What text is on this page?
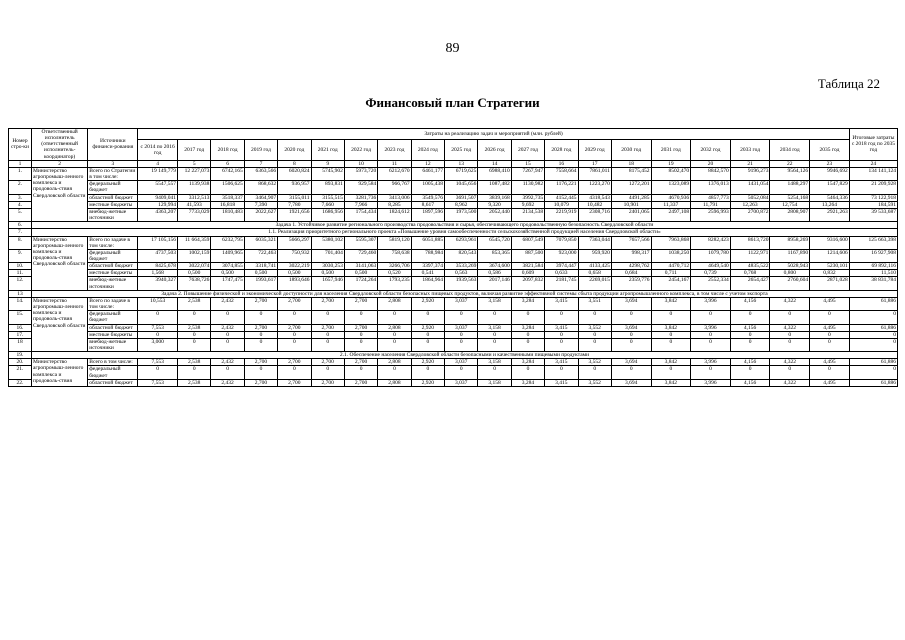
89
Таблица 22
Финансовый план Стратегии
Номер стро-ки	Ответственный исполнитель (ответственный исполнитель-координатор)	Источники финанси-рования	Затраты на реализацию задач и мероприятий (млн. рублей)																				Итоговые затраты с 2018 год по 2035 год
			с 2014 по 2016 год	2017 год	2018 год	2019 год	2020 год	2021 год	2022 год	2023 год	2024 год	2025 год	2026 год	2027 год	2028 год	2029 год	2030 год	2031 год	2032 год	2033 год	2034 год	2035 год	
1	2	3	4	5	6	7	8	9	10	11	12	13	14	15	16	17	18	19	20	21	22	23	24
1.	Министерство агропромыш-ленного комплекса и продоволь-ствия Свердловской области	Всего по Стратегии в том числе:	19 149,779	12 227,073	6742,165	6363,566	6020,824	5745,902	5973,720	6212,670	6461,177	6719,625	6988,410	7267,947	7558,664	7861,011	8175,452	8502,470	8842,570	9196,273	9564,126	9946,692	134 141,124
2.		федеральный бюджет	5547,557	1139,938	1506,625	868,632	936,957	893,831	929,584	966,767	1005,438	1045,656	1087,482	1130,982	1176,221	1223,270	1272,201	1323,089	1376,013	1431,054	1488,297	1547,829	21 209,928
3.		областной бюджет	9409,041	3312,513	3518,337	3464,907	3155,011	3155,515	3281,736	3413,006	3549,576	3691,507	3839,168	3992,735	4152,445	4318,543	4491,285	4670,936	4857,773	5052,084	5254,168	5464,336	73 122,918
4.		местные бюджеты	129,994	41,593	16,818	7,390	7,780	7,660	7,966	8,285	8,617	8,962	9,320	9,692	10,079	10,482	10,901	11,337	11,791	12,263	12,754	13,264	184,591
5.		внебюд-жетные источники	4363,207	7733,029	1810,483	2022,627	1921,656	1686,956	1754,434	1824,612	1897,596	1973,500	2052,440	2134,538	2219,919	2308,716	2401,065	2497,108	2596,993	2700,872	2808,907	2921,263	39 533,687
6.	Задача 1. Устойчивое развитие регионального производства продовольствия и сырья, обеспечивающего продовольственную безопасность Свердловской области																						
7.	1.1. Реализация приоритетного регионального проекта «Повышение уровня самообеспеченности сельскохозяйственной продукцией населения Свердловской области»																						
8.	Министерство агропромыш-ленного комплекса и продоволь-ствия Свердловской области	Всего по задаче в том числе:	17 105,156	11 664,359	6232,795	6035,321	5666,297	5380,102	5595,307	5819,120	6051,885	6293,961	6545,720	6807,549	7079,850	7363,044	7657,566	7963,868	8282,423	8613,720	8958,269	9316,600	125 663,398
9.		федеральный бюджет	4737,503	1002,159	1409,965	722,463	750,932	701,404	729,460	758,638	788,984	820,543	853,365	887,500	923,000	959,920	998,317	1038,250	1079,780	1122,971	1167,890	1214,606	16 927,908
10.		областной бюджет	8425,678	3022,074	3074,855	3318,741	3022,219	3030,253	3141,063	3266,706	3397,374	3533,269	3674,600	3821,584	3974,447	4133,425	4298,762	4470,712	4649,540	4835,522	5028,943	5230,101	69 892,116
11.		местные бюджеты	1,568	0,500	0,500	0,500	0,500	0,500	0,500	0,520	0,541	0,563	0,586	0,609	0,633	0,658	0,684	0,711	0,739	0,768	0,800	0,832	11,510
12.		внебюд-жетные источники	3940,327	7638,726	1747,475	1993,617	1893,646	1657,946	1724,264	1793,235	1864,964	1939,563	2017,146	2097,832	2181,745	2269,015	2359,776	2454,167	2552,334	2654,427	2760,604	2871,028	38 831,784
13	Задача 2. Повышение физической и экономической доступности для населения Свердловской области безопасных пищевых продуктов, включая развитие эффективной системы сбыта продукции агропромышленного комплекса, в том числе с учетом экспорта																						
14.	Министерство агропромыш-ленного комплекса и продоволь-ствия Свердловской области	Всего по задаче в том числе:	10,553	2,538	2,432	2,700	2,700	2,700	2,700	2,808	2,920	3,037	3,158	3,284	3,415	3,551	3,694	3,842	3,996	4,156	4,322	4,495	61,886
15.		федеральный бюджет	0	0	0	0	0	0	0	0	0	0	0	0	0	0	0	0	0	0	0	0	0
16.		областной бюджет	7,553	2,538	2,432	2,700	2,700	2,700	2,700	2,808	2,920	3,037	3,158	3,284	3,415	3,552	3,694	3,842	3,996	4,156	4,322	4,495	61,886
17.		местные бюджеты	0	0	0	0	0	0	0	0	0	0	0	0	0	0	0	0	0	0	0	0	0
18		внебюд-жетные источники	3,000	0	0	0	0	0	0	0	0	0	0	0	0	0	0	0	0	0	0	0	0
19.	2.1. Обеспечение населения Свердловской области безопасными и качественными пищевыми продуктами																						
20.	Министерство агропромыш-ленного комплекса и продоволь-ствия	Всего в том числе:	7,553	2,538	2,432	2,700	2,700	2,700	2,700	2,808	2,920	3,037	3,158	3,284	3,415	3,552	3,694	3,842	3,996	4,156	4,322	4,495	61,886
21.		федеральный бюджет	0	0	0	0	0	0	0	0	0	0	0	0	0	0	0	0	0	0	0	0	0
22.		областной бюджет	7,553	2,538	2,432	2,700	2,700	2,700	2,700	2,808	2,920	3,037	3,158	3,284	3,415	3,552	3,694	3,842	3,996	4,156	4,322	4,495	61,886
